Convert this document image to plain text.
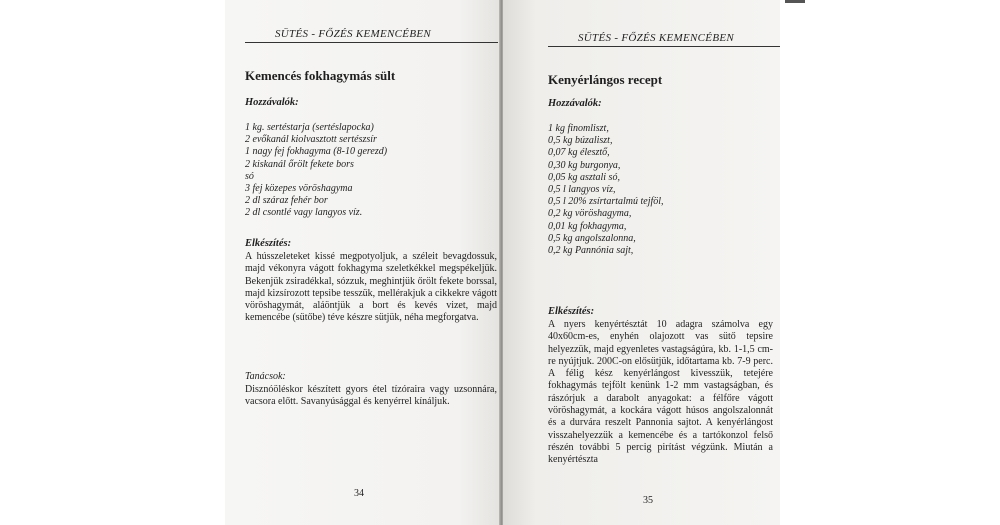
SÜTÉS - FŐZÉS KEMENCÉBEN
Kemencés fokhagymás sült
Hozzávalók:
1 kg. sertéstarja (sertéslapocka)
2 evőkanál kiolvasztott sertészsír
1 nagy fej fokhagyma (8-10 gerezd)
2 kiskanál őrölt fekete bors
só
3 fej közepes vöröshagyma
2 dl száraz fehér bor
2 dl csontlé vagy langyos víz.
Elkészítés:

A hússzeleteket kissé megpotyoljuk, a széleit bevagdossuk, majd vékonyra vágott fokhagyma szeletkékkel megspékeljük. Bekenjük zsiradékkal, sózzuk, meghintjük őrölt fekete borssal, majd kizsírozott tepsibe tesszük, mellérakjuk a cikkekre vágott vöröshagymát, aláöntjük a bort és kevés vizet, majd kemencébe (sütőbe) téve készre sütjük, néha megforgatva.

Tanácsok:

Disznóöléskor készített gyors étel tízóraira vagy uzsonnára, vacsora előtt. Savanyúsággal és kenyérrel kínáljuk.

34
SÜTÉS - FŐZÉS KEMENCÉBEN
Kenyérlángos recept
Hozzávalók:
1 kg finomliszt,
0,5 kg búzaliszt,
0,07 kg élesztő,
0,30 kg burgonya,
0,05 kg asztali só,
0,5 l langyos víz,
0,5 l 20% zsírtartalmú tejföl,
0,2 kg vöröshagyma,
0,01 kg fokhagyma,
0,5 kg angolszalonna,
0,2 kg Pannónia sajt,
Elkészítés:

A nyers kenyértésztát 10 adagra számolva egy 40x60cm-es, enyhén olajozott vas sütő tepsire helyezzük, majd egyenletes vastagságúra, kb. 1-1,5 cm-re nyújtjuk. 200C-on elősütjük, időtartama kb. 7-9 perc. A félig kész kenyérlángost kivesszük, tetejére fokhagymás tejfölt kenünk 1-2 mm vastagságban, és rászórjuk a darabolt anyagokat: a félfőre vágott vöröshagymát, a kockára vágott húsos angolszalonnát és a durvára reszelt Pannonia sajtot. A kenyérlángost visszahelyezzük a kemencébe és a tartókonzol felső részén további 5 percig pirítást végzünk. Miután a kenyértészta

35
